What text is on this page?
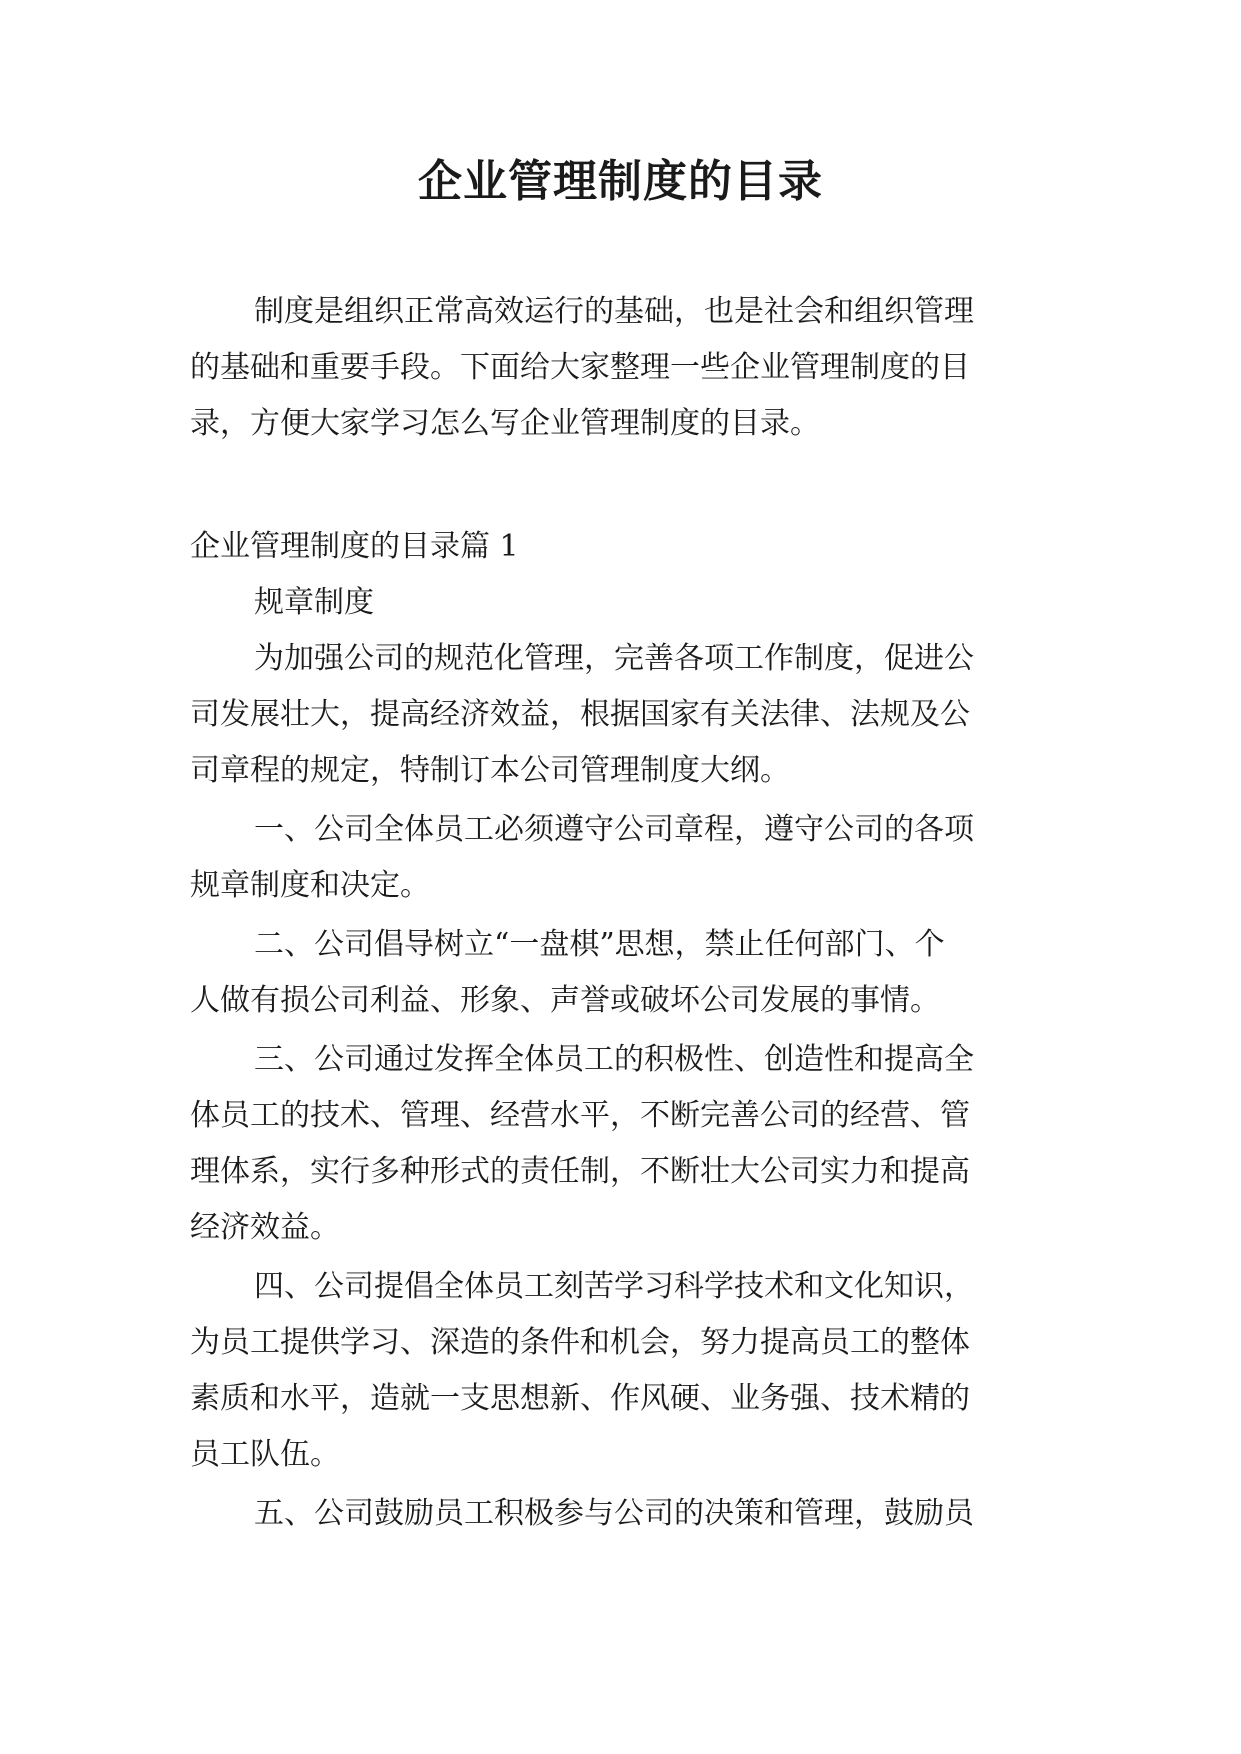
企业管理制度的目录
制度是组织正常高效运行的基础，也是社会和组织管理
的基础和重要手段。下面给大家整理一些企业管理制度的目
录，方便大家学习怎么写企业管理制度的目录。
企业管理制度的目录篇 1
规章制度
为加强公司的规范化管理，完善各项工作制度，促进公
司发展壮大，提高经济效益，根据国家有关法律、法规及公
司章程的规定，特制订本公司管理制度大纲。
一、公司全体员工必须遵守公司章程，遵守公司的各项
规章制度和决定。
二、公司倡导树立“一盘棋”思想，禁止任何部门、个
人做有损公司利益、形象、声誉或破坏公司发展的事情。
三、公司通过发挥全体员工的积极性、创造性和提高全
体员工的技术、管理、经营水平，不断完善公司的经营、管
理体系，实行多种形式的责任制，不断壮大公司实力和提高
经济效益。
四、公司提倡全体员工刻苦学习科学技术和文化知识，
为员工提供学习、深造的条件和机会，努力提高员工的整体
素质和水平，造就一支思想新、作风硬、业务强、技术精的
员工队伍。
五、公司鼓励员工积极参与公司的决策和管理，鼓励员
